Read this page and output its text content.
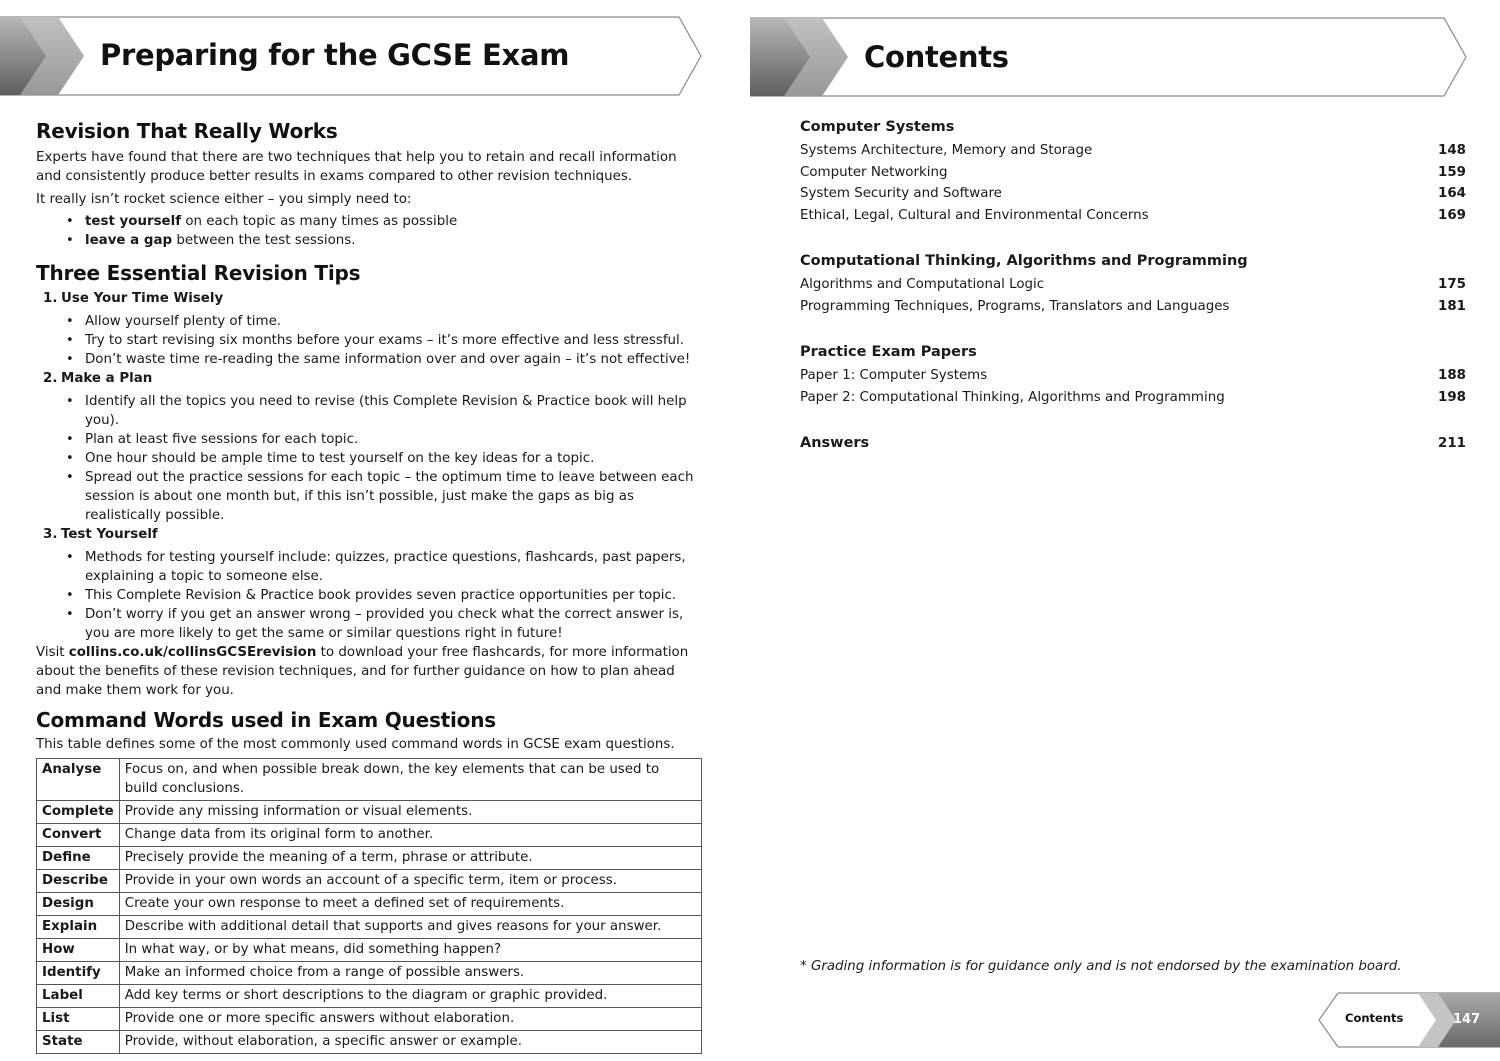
Preparing for the GCSE Exam	Contents
Revision That Really Works

Experts have found that there are two techniques that help you to retain and recall information and consistently produce better results in exams compared to other revision techniques.

It really isn’t rocket science either – you simply need to:

• test yourself on each topic as many times as possible
• leave a gap between the test sessions.
Three Essential Revision Tips
1. Use Your Time Wisely
• Allow yourself plenty of time.
• Try to start revising six months before your exams – it’s more effective and less stressful.
• Don’t waste time re-reading the same information over and over again – it’s not effective!
2. Make a Plan
• Identify all the topics you need to revise (this Complete Revision & Practice book will help you).
• Plan at least five sessions for each topic.
• One hour should be ample time to test yourself on the key ideas for a topic.
• Spread out the practice sessions for each topic – the optimum time to leave between each session is about one month but, if this isn’t possible, just make the gaps as big as realistically possible.
3. Test Yourself
• Methods for testing yourself include: quizzes, practice questions, flashcards, past papers, explaining a topic to someone else.
• This Complete Revision & Practice book provides seven practice opportunities per topic.
• Don’t worry if you get an answer wrong – provided you check what the correct answer is, you are more likely to get the same or similar questions right in future!

Visit collins.co.uk/collinsGCSErevision to download your free flashcards, for more information about the benefits of these revision techniques, and for further guidance on how to plan ahead and make them work for you.

Command Words used in Exam Questions

This table defines some of the most commonly used command words in GCSE exam questions.

Analyse	Focus on, and when possible break down, the key elements that can be used to build conclusions.
Complete	Provide any missing information or visual elements.
Convert	Change data from its original form to another.
Define	Precisely provide the meaning of a term, phrase or attribute.
Describe	Provide in your own words an account of a specific term, item or process.
Design	Create your own response to meet a defined set of requirements.
Explain	Describe with additional detail that supports and gives reasons for your answer.
How	In what way, or by what means, did something happen?
Identify	Make an informed choice from a range of possible answers.
Label	Add key terms or short descriptions to the diagram or graphic provided.
List	Provide one or more specific answers without elaboration.
State	Provide, without elaboration, a specific answer or example.
Computer Systems
Systems Architecture, Memory and Storage	148
Computer Networking	159
System Security and Software	164
Ethical, Legal, Cultural and Environmental Concerns	169
Computational Thinking, Algorithms and Programming
Algorithms and Computational Logic	175
Programming Techniques, Programs, Translators and Languages	181
Practice Exam Papers
Paper 1: Computer Systems	188
Paper 2: Computational Thinking, Algorithms and Programming	198
Answers	211
* Grading information is for guidance only and is not endorsed by the examination board.
Contents	147
